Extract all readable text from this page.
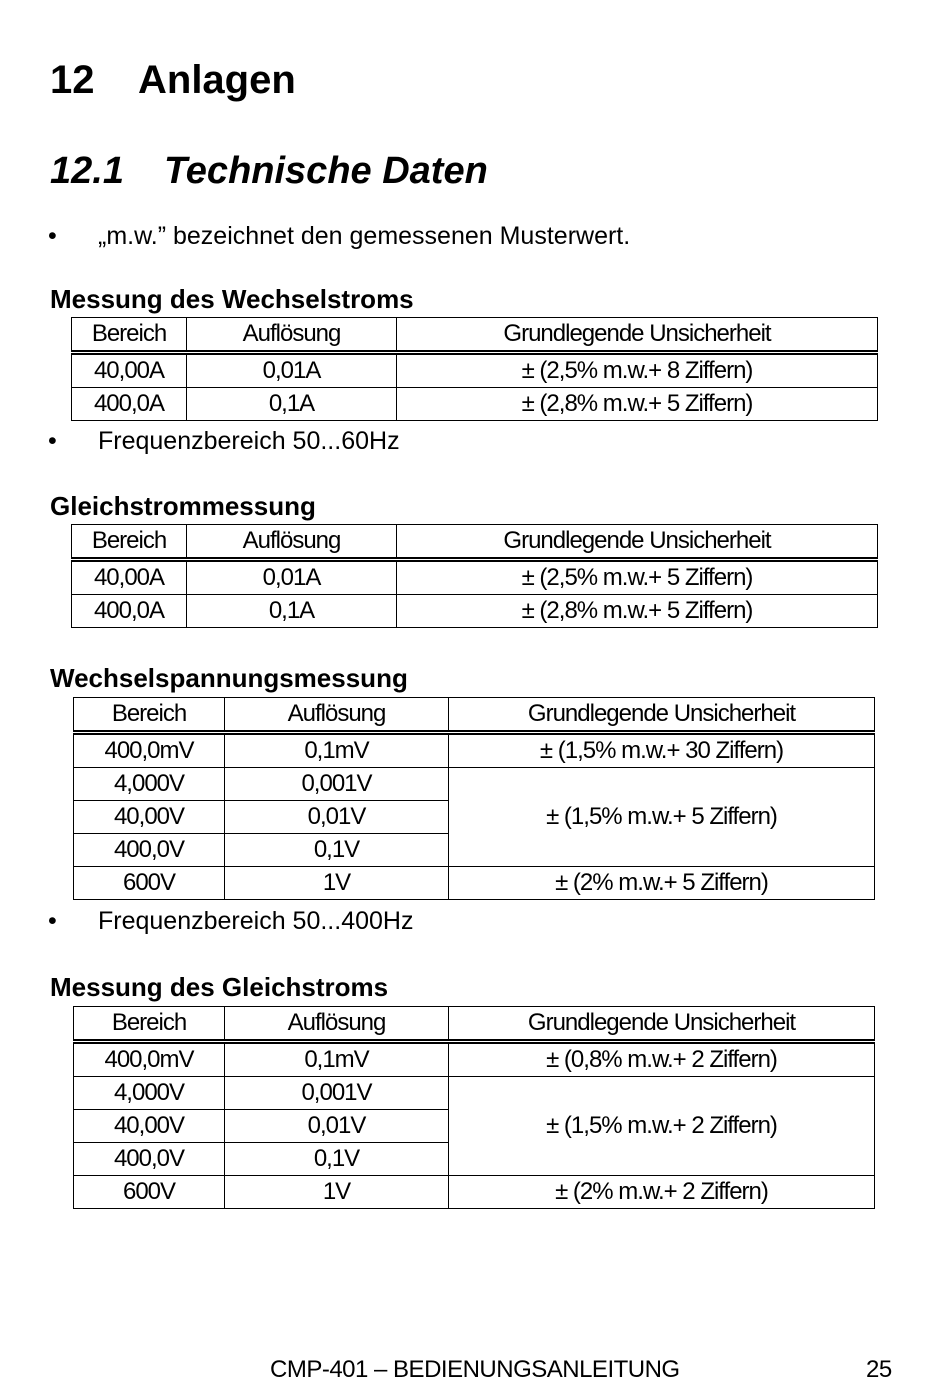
12 Anlagen
12.1 Technische Daten
• „m.w.” bezeichnet den gemessenen Musterwert.
Messung des Wechselstroms
Bereich	Auflösung	Grundlegende Unsicherheit
40,00A	0,01A	± (2,5% m.w.+ 8 Ziffern)
400,0A	0,1A	± (2,8% m.w.+ 5 Ziffern)
• Frequenzbereich 50...60Hz
Gleichstrommessung
Bereich	Auflösung	Grundlegende Unsicherheit
40,00A	0,01A	± (2,5% m.w.+ 5 Ziffern)
400,0A	0,1A	± (2,8% m.w.+ 5 Ziffern)
Wechselspannungsmessung
Bereich	Auflösung	Grundlegende Unsicherheit
400,0mV	0,1mV	± (1,5% m.w.+ 30 Ziffern)
4,000V	0,001V	± (1,5% m.w.+ 5 Ziffern)
40,00V	0,01V	
400,0V	0,1V	
600V	1V	± (2% m.w.+ 5 Ziffern)
• Frequenzbereich 50...400Hz
Messung des Gleichstroms
Bereich	Auflösung	Grundlegende Unsicherheit
400,0mV	0,1mV	± (0,8% m.w.+ 2 Ziffern)
4,000V	0,001V	± (1,5% m.w.+ 2 Ziffern)
40,00V	0,01V	
400,0V	0,1V	
600V	1V	± (2% m.w.+ 2 Ziffern)
CMP-401 – BEDIENUNGSANLEITUNG	25
